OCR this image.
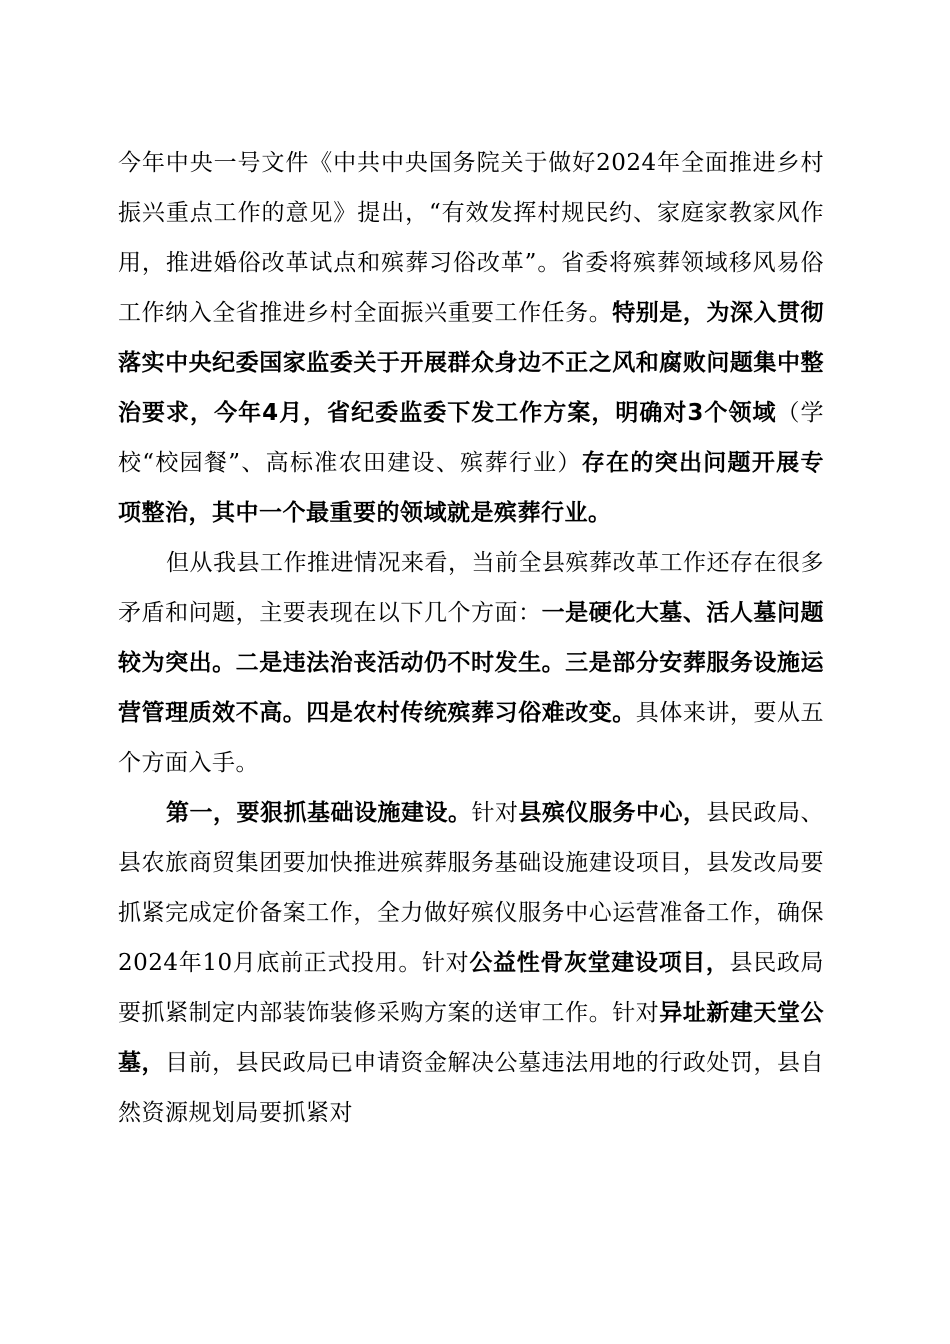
今年中央一号文件《中共中央国务院关于做好2024年全面推进乡村振兴重点工作的意见》提出，“有效发挥村规民约、家庭家教家风作用，推进婚俗改革试点和殡葬习俗改革”。省委将殡葬领域移风易俗工作纳入全省推进乡村全面振兴重要工作任务。特别是，为深入贯彻落实中央纪委国家监委关于开展群众身边不正之风和腐败问题集中整治要求，今年4月，省纪委监委下发工作方案，明确对3个领域（学校“校园餐”、高标准农田建设、殡葬行业）存在的突出问题开展专项整治，其中一个最重要的领域就是殡葬行业。

但从我县工作推进情况来看，当前全县殡葬改革工作还存在很多矛盾和问题，主要表现在以下几个方面：一是硬化大墓、活人墓问题较为突出。二是违法治丧活动仍不时发生。三是部分安葬服务设施运营管理质效不高。四是农村传统殡葬习俗难改变。具体来讲，要从五个方面入手。

第一，要狠抓基础设施建设。针对县殡仪服务中心，县民政局、县农旅商贸集团要加快推进殡葬服务基础设施建设项目，县发改局要抓紧完成定价备案工作，全力做好殡仪服务中心运营准备工作，确保2024年10月底前正式投用。针对公益性骨灰堂建设项目，县民政局要抓紧制定内部装饰装修采购方案的送审工作。针对异址新建天堂公墓，目前，县民政局已申请资金解决公墓违法用地的行政处罚，县自然资源规划局要抓紧对
